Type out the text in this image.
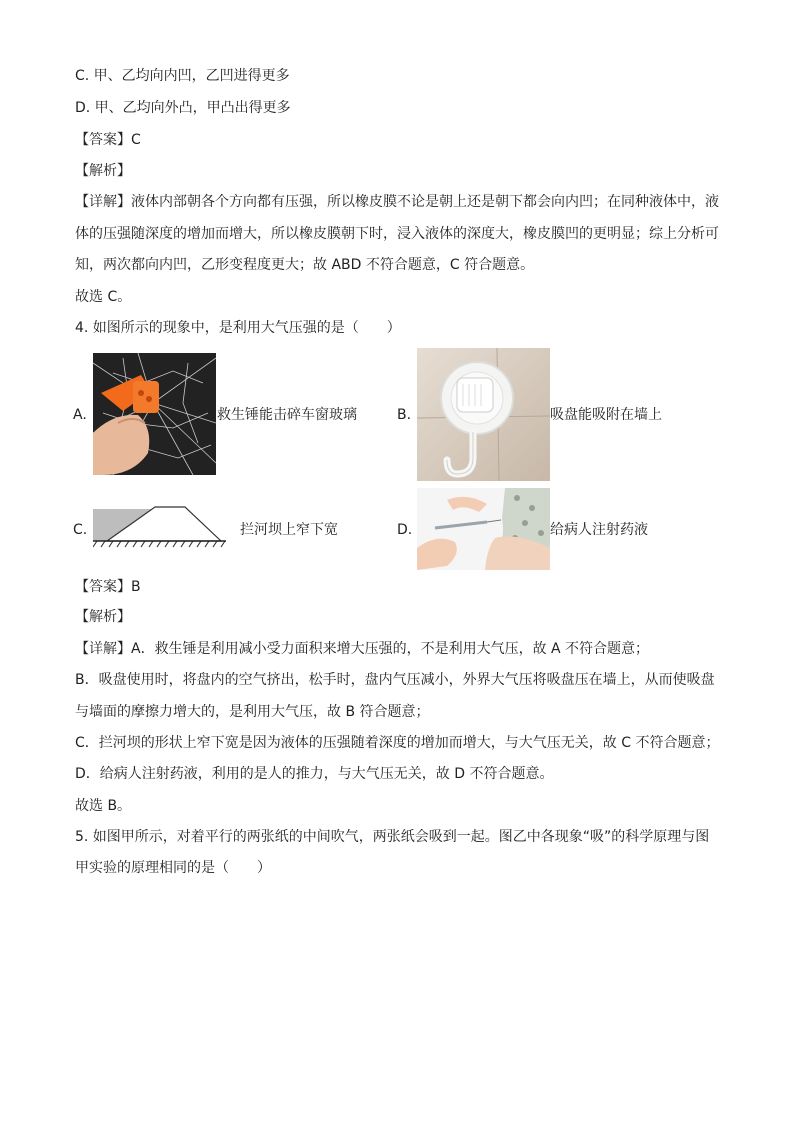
C. 甲、乙均向内凹，乙凹进得更多
D. 甲、乙均向外凸，甲凸出得更多
【答案】C
【解析】
【详解】液体内部朝各个方向都有压强，所以橡皮膜不论是朝上还是朝下都会向内凹；在同种液体中，液
体的压强随深度的增加而增大，所以橡皮膜朝下时，浸入液体的深度大，橡皮膜凹的更明显；综上分析可
知，两次都向内凹，乙形变程度更大；故 ABD 不符合题意，C 符合题意。
故选 C。
4. 如图所示的现象中，是利用大气压强的是（　　）
A.	救生锤能击碎车窗玻璃	B.	吸盘能吸附在墙上
C.	拦河坝上窄下宽	D.	给病人注射药液
【答案】B
【解析】
【详解】A．救生锤是利用减小受力面积来增大压强的，不是利用大气压，故 A 不符合题意；
B．吸盘使用时，将盘内的空气挤出，松手时，盘内气压减小，外界大气压将吸盘压在墙上，从而使吸盘
与墙面的摩擦力增大的，是利用大气压，故 B 符合题意；
C．拦河坝的形状上窄下宽是因为液体的压强随着深度的增加而增大，与大气压无关，故 C 不符合题意；
D．给病人注射药液，利用的是人的推力，与大气压无关，故 D 不符合题意。
故选 B。
5. 如图甲所示，对着平行的两张纸的中间吹气，两张纸会吸到一起。图乙中各现象“吸”的科学原理与图
甲实验的原理相同的是（　　）
